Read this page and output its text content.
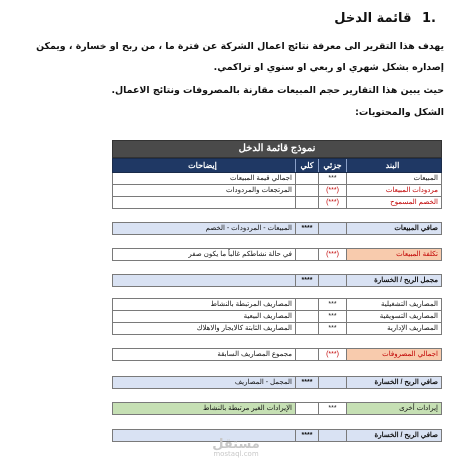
.1 قائمة الدخل
يهدف هذا التقرير الى معرفة نتائج اعمال الشركة عن فترة ما ، من ربح او خسارة ، ويمكن
إصداره بشكل شهري او ربعي او سنوي او تراكمي.
حيث يبين هذا التقارير حجم المبيعات مقارنة بالمصروفات ونتائج الاعمال.
الشكل والمحتويات:
نموذج قائمة الدخل
البند
جزئي
كلي
إيضاحات
المبيعات
***
اجمالي قيمة المبيعات
مردودات المبيعات
(***)
المرتجعات والمردودات
الخصم المسموح
(***)
صافي المبيعات
****
المبيعات - المردودات - الخصم
تكلفة المبيعات
(***)
في حالة نشاطكم غالباً ما يكون صفر
مجمل الربح / الخسارة
****
المصاريف التشغيلية
***
المصاريف المرتبطة بالنشاط
المصاريف التسويقية
***
المصاريف البيعية
المصاريف الإدارية
***
المصاريف الثابتة كالايجار والاهلاك
اجمالي المصروفات
(***)
مجموع المصاريف السابقة
صافي الربح / الخسارة
****
المجمل - المصاريف
إيرادات أخرى
***
الإيرادات الغير مرتبطة بالنشاط
صافي الربح / الخسارة
****
مستقل
mostaql.com
